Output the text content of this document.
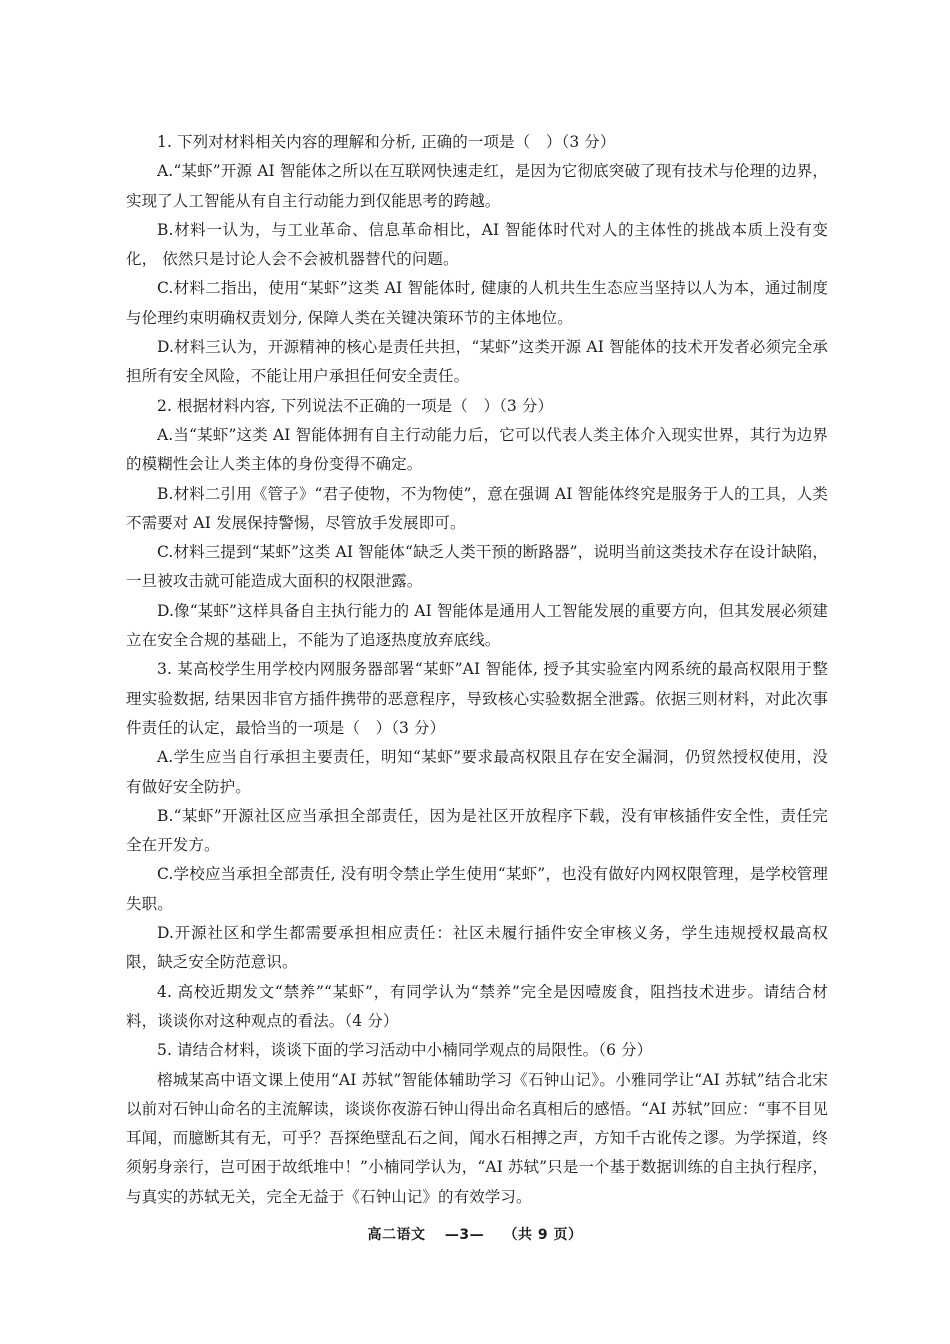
1. 下列对材料相关内容的理解和分析, 正确的一项是（　）（3 分）

A.“某虾”开源 AI 智能体之所以在互联网快速走红，是因为它彻底突破了现有技术与伦理的边界，实现了人工智能从有自主行动能力到仅能思考的跨越。

B.材料一认为，与工业革命、信息革命相比，AI 智能体时代对人的主体性的挑战本质上没有变化， 依然只是讨论人会不会被机器替代的问题。

C.材料二指出，使用“某虾”这类 AI 智能体时, 健康的人机共生生态应当坚持以人为本，通过制度与伦理约束明确权责划分, 保障人类在关键决策环节的主体地位。

D.材料三认为，开源精神的核心是责任共担，“某虾”这类开源 AI 智能体的技术开发者必须完全承担所有安全风险，不能让用户承担任何安全责任。

2. 根据材料内容, 下列说法不正确的一项是（　）（3 分）

A.当“某虾”这类 AI 智能体拥有自主行动能力后，它可以代表人类主体介入现实世界，其行为边界的模糊性会让人类主体的身份变得不确定。

B.材料二引用《管子》“君子使物，不为物使”，意在强调 AI 智能体终究是服务于人的工具，人类不需要对 AI 发展保持警惕，尽管放手发展即可。

C.材料三提到“某虾”这类 AI 智能体“缺乏人类干预的断路器”，说明当前这类技术存在设计缺陷，一旦被攻击就可能造成大面积的权限泄露。

D.像“某虾”这样具备自主执行能力的 AI 智能体是通用人工智能发展的重要方向，但其发展必须建立在安全合规的基础上，不能为了追逐热度放弃底线。

3. 某高校学生用学校内网服务器部署“某虾”AI 智能体, 授予其实验室内网系统的最高权限用于整理实验数据, 结果因非官方插件携带的恶意程序，导致核心实验数据全泄露。依据三则材料，对此次事件责任的认定，最恰当的一项是（　）（3 分）

A.学生应当自行承担主要责任，明知“某虾”要求最高权限且存在安全漏洞，仍贸然授权使用，没有做好安全防护。

B.“某虾”开源社区应当承担全部责任，因为是社区开放程序下载，没有审核插件安全性，责任完全在开发方。

C.学校应当承担全部责任, 没有明令禁止学生使用“某虾”，也没有做好内网权限管理，是学校管理失职。

D.开源社区和学生都需要承担相应责任：社区未履行插件安全审核义务，学生违规授权最高权限，缺乏安全防范意识。

4. 高校近期发文“禁养”“某虾”，有同学认为“禁养”完全是因噎废食，阻挡技术进步。请结合材料，谈谈你对这种观点的看法。（4 分）

5. 请结合材料，谈谈下面的学习活动中小楠同学观点的局限性。（6 分）

榕城某高中语文课上使用“AI 苏轼”智能体辅助学习《石钟山记》。小雅同学让“AI 苏轼”结合北宋以前对石钟山命名的主流解读，谈谈你夜游石钟山得出命名真相后的感悟。“AI 苏轼”回应：“事不目见耳闻，而臆断其有无，可乎？吾探绝壁乱石之间，闻水石相搏之声，方知千古讹传之谬。为学探道，终须躬身亲行，岂可困于故纸堆中！”小楠同学认为，“AI 苏轼”只是一个基于数据训练的自主执行程序，与真实的苏轼无关，完全无益于《石钟山记》的有效学习。

高二语文 —3— （共 9 页）
